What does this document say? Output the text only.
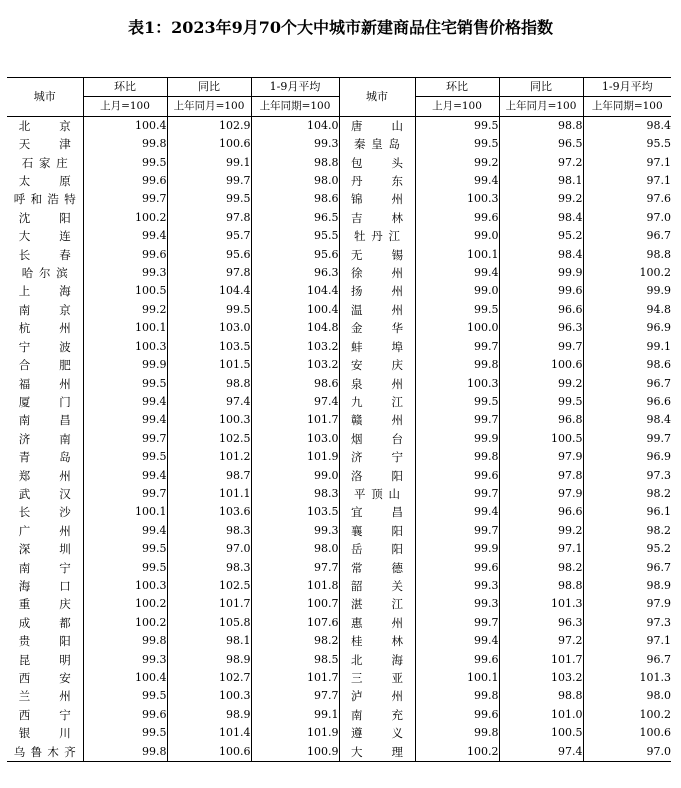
表1：2023年9月70个大中城市新建商品住宅销售价格指数
城市	环比	同比	1-9月平均	城市	环比	同比	1-9月平均
	上月=100	上年同月=100	上年同期=100		上月=100	上年同月=100	上年同期=100

北京	100.4	102.9	104.0	唐山	99.5	98.8	98.4

天津	99.8	100.6	99.3	秦皇岛	99.5	96.5	95.5

石家庄	99.5	99.1	98.8	包头	99.2	97.2	97.1

太原	99.6	99.7	98.0	丹东	99.4	98.1	97.1

呼和浩特	99.7	99.5	98.6	锦州	100.3	99.2	97.6

沈阳	100.2	97.8	96.5	吉林	99.6	98.4	97.0

大连	99.4	95.7	95.5	牡丹江	99.0	95.2	96.7

长春	99.6	95.6	95.6	无锡	100.1	98.4	98.8

哈尔滨	99.3	97.8	96.3	徐州	99.4	99.9	100.2

上海	100.5	104.4	104.4	扬州	99.0	99.6	99.9

南京	99.2	99.5	100.4	温州	99.5	96.6	94.8

杭州	100.1	103.0	104.8	金华	100.0	96.3	96.9

宁波	100.3	103.5	103.2	蚌埠	99.7	99.7	99.1

合肥	99.9	101.5	103.2	安庆	99.8	100.6	98.6

福州	99.5	98.8	98.6	泉州	100.3	99.2	96.7

厦门	99.4	97.4	97.4	九江	99.5	99.5	96.6

南昌	99.4	100.3	101.7	赣州	99.7	96.8	98.4

济南	99.7	102.5	103.0	烟台	99.9	100.5	99.7

青岛	99.5	101.2	101.9	济宁	99.8	97.9	96.9

郑州	99.4	98.7	99.0	洛阳	99.6	97.8	97.3

武汉	99.7	101.1	98.3	平顶山	99.7	97.9	98.2

长沙	100.1	103.6	103.5	宜昌	99.4	96.6	96.1

广州	99.4	98.3	99.3	襄阳	99.7	99.2	98.2

深圳	99.5	97.0	98.0	岳阳	99.9	97.1	95.2

南宁	99.5	98.3	97.7	常德	99.6	98.2	96.7

海口	100.3	102.5	101.8	韶关	99.3	98.8	98.9

重庆	100.2	101.7	100.7	湛江	99.3	101.3	97.9

成都	100.2	105.8	107.6	惠州	99.7	96.3	97.3

贵阳	99.8	98.1	98.2	桂林	99.4	97.2	97.1

昆明	99.3	98.9	98.5	北海	99.6	101.7	96.7

西安	100.4	102.7	101.7	三亚	100.1	103.2	101.3

兰州	99.5	100.3	97.7	泸州	99.8	98.8	98.0

西宁	99.6	98.9	99.1	南充	99.6	101.0	100.2

银川	99.5	101.4	101.9	遵义	99.8	100.5	100.6

乌鲁木齐	99.8	100.6	100.9	大理	100.2	97.4	97.0
